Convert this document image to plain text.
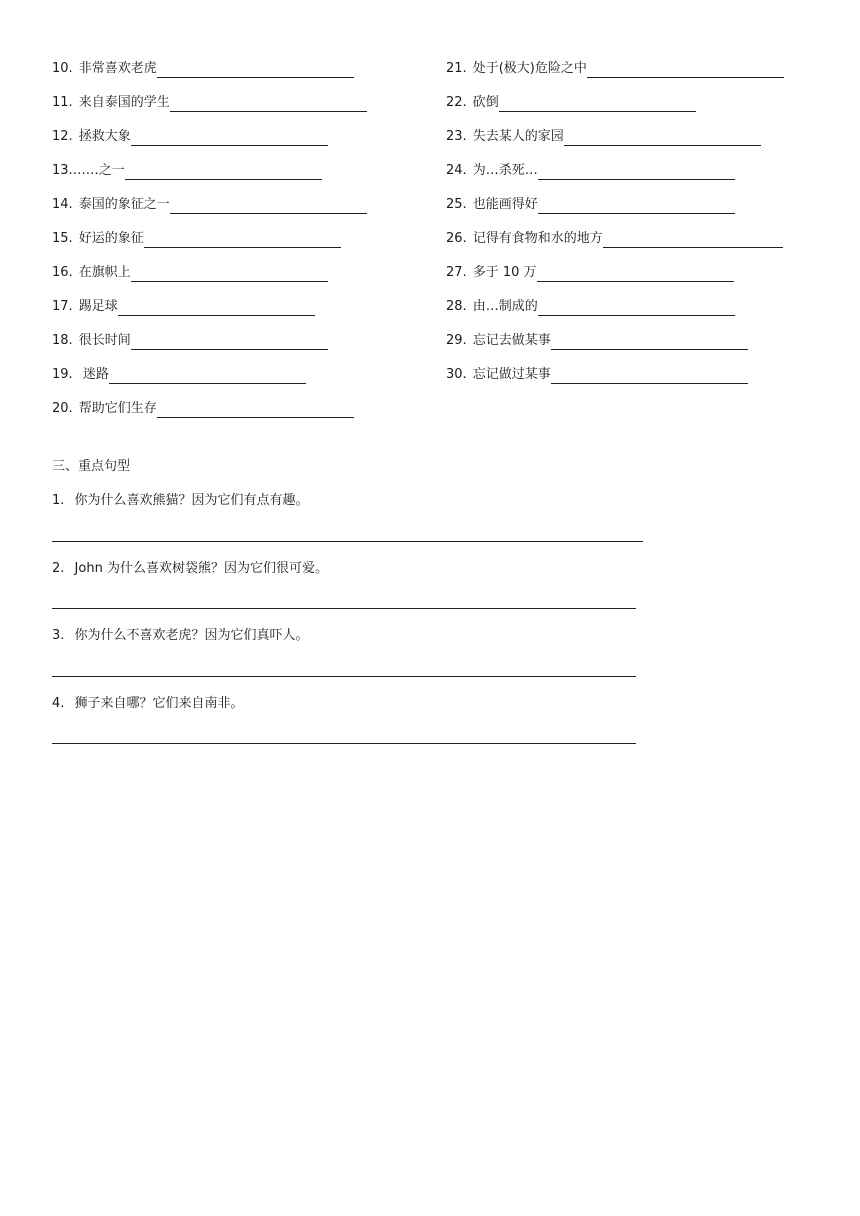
10. 非常喜欢老虎
11. 来自泰国的学生
12. 拯救大象
13. ……之一
14. 泰国的象征之一
15. 好运的象征
16. 在旗帜上
17. 踢足球
18. 很长时间
19. 迷路
20. 帮助它们生存
21. 处于(极大)危险之中
22. 砍倒
23. 失去某人的家园
24. 为…杀死…
25. 也能画得好
26. 记得有食物和水的地方
27. 多于 10 万
28. 由…制成的
29. 忘记去做某事
30. 忘记做过某事
三、重点句型
1. 你为什么喜欢熊猫？因为它们有点有趣。
2. John 为什么喜欢树袋熊？因为它们很可爱。
3. 你为什么不喜欢老虎？因为它们真吓人。
4. 狮子来自哪？它们来自南非。
